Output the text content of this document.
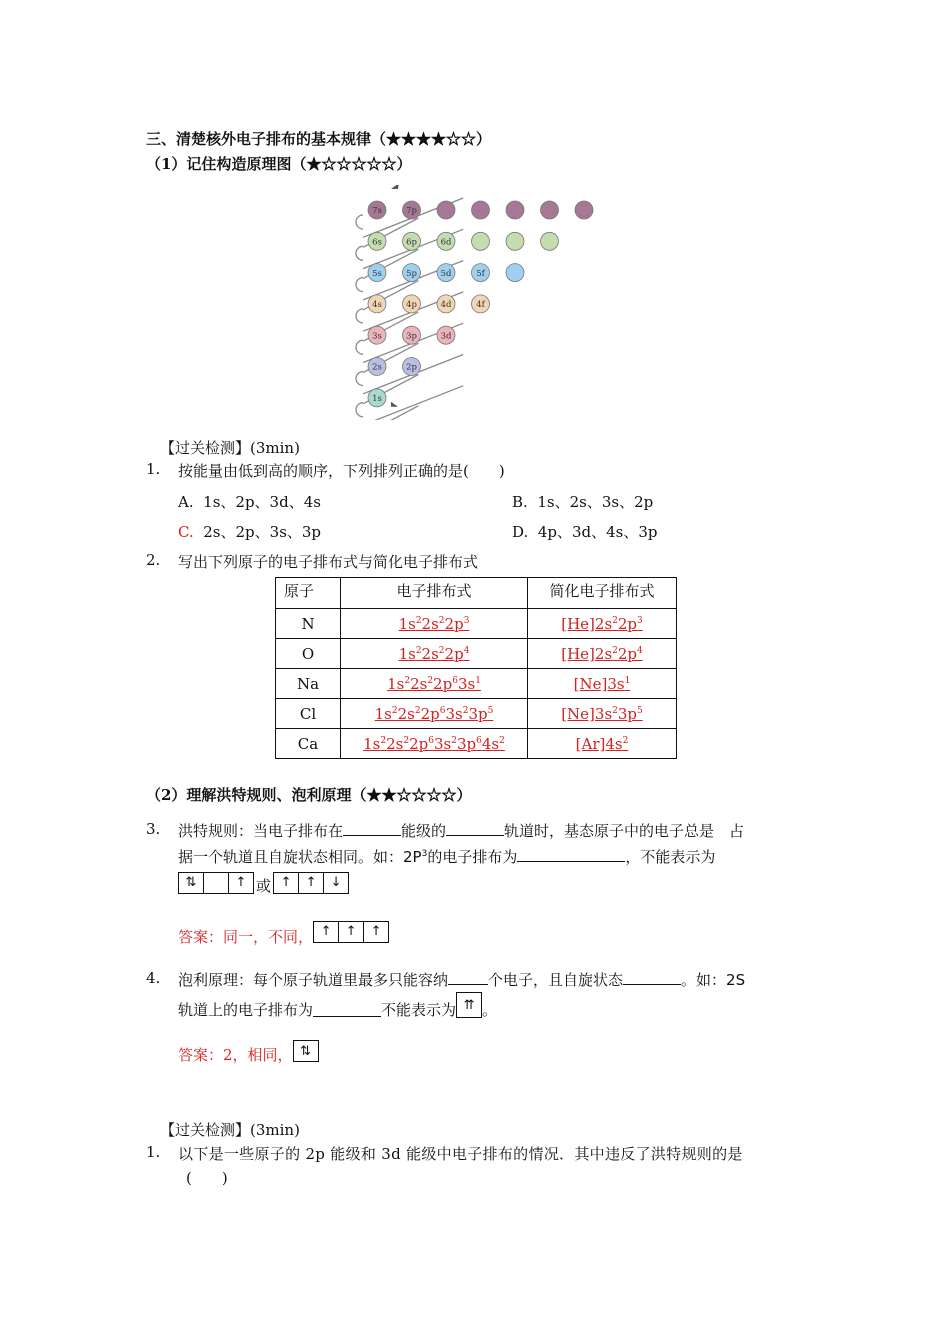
三、清楚核外电子排布的基本规律（★★★★☆☆）
（1）记住构造原理图（★☆☆☆☆☆）
7s	7p
6s	6p	6d
5s	5p	5d	5f
4s	4p	4d	4f
3s	3p	3d
2s	2p
1s
【过关检测】(3min)
1. 按能量由低到高的顺序，下列排列正确的是(　　)
A. 1s、2p、3d、4s	B. 1s、2s、3s、2p
C. 2s、2p、3s、3p	D. 4p、3d、4s、3p
2. 写出下列原子的电子排布式与简化电子排布式
原子	电子排布式	简化电子排布式
N	$1s^22s^22p^3$	$[He]2s^22p^3$
O	$1s^22s^22p^4$	$[He]2s^22p^4$
Na	$1s^22s^22p^63s^1$	$[Ne]3s^1$
Cl	$1s^22s^22p^63s^23p^5$	$[Ne]3s^23p^5$
Ca	$1s^22s^22p^63s^23p^64s^2$	$[Ar]4s^2$
（2）理解洪特规则、泡利原理（★★☆☆☆☆）
3. 洪特规则：当电子排布在	能级的	轨道时，基态原子中的电子总是　占
据一个轨道且自旋状态相同。如：$2P^3$的电子排布为	，不能表示为
⇅	↑ 或 ↑	↑	↓
答案：同一，不同， ↑	↑	↑
4. 泡利原理：每个原子轨道里最多只能容纳	个电子，且自旋状态	。如：2S
轨道上的电子排布为	不能表示为 ⇈ 。
答案：2，相同， ⇅
【过关检测】(3min)
1. 以下是一些原子的 2p 能级和 3d 能级中电子排布的情况．其中违反了洪特规则的是
(　　)
